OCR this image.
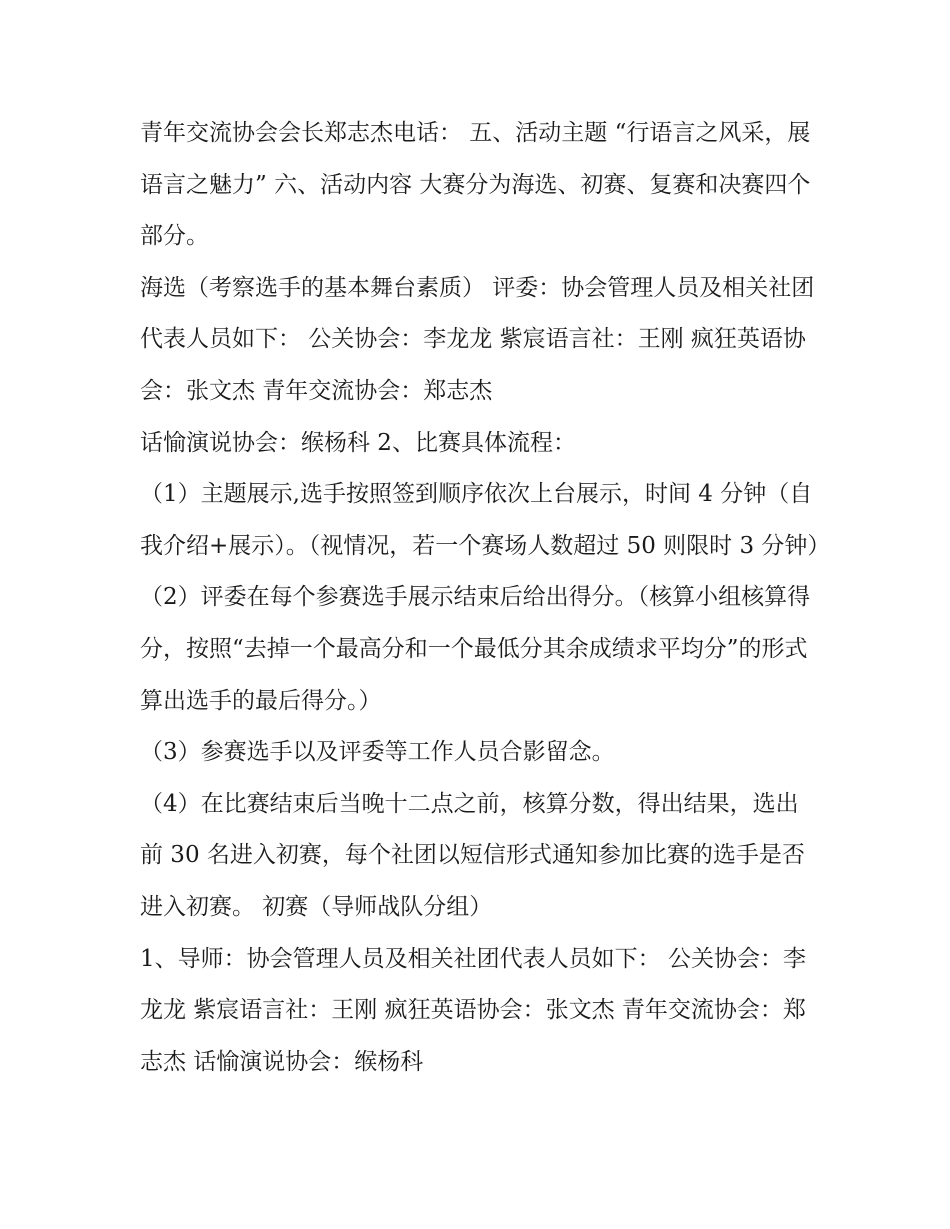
青年交流协会会长郑志杰电话： 五、活动主题 “行语言之风采，展语言之魅力” 六、活动内容 大赛分为海选、初赛、复赛和决赛四个部分。

海选（考察选手的基本舞台素质） 评委：协会管理人员及相关社团代表人员如下： 公关协会：李龙龙 紫宸语言社：王刚 疯狂英语协会：张文杰 青年交流协会：郑志杰

话愉演说协会：缑杨科 2、比赛具体流程：

（1）主题展示,选手按照签到顺序依次上台展示，时间 4 分钟（自我介绍+展示）。（视情况，若一个赛场人数超过 50 则限时 3 分钟）

（2）评委在每个参赛选手展示结束后给出得分。（核算小组核算得分，按照“去掉一个最高分和一个最低分其余成绩求平均分”的形式算出选手的最后得分。）

（3）参赛选手以及评委等工作人员合影留念。

（4）在比赛结束后当晚十二点之前，核算分数，得出结果，选出前 30 名进入初赛，每个社团以短信形式通知参加比赛的选手是否进入初赛。 初赛（导师战队分组）

1、导师：协会管理人员及相关社团代表人员如下： 公关协会：李龙龙 紫宸语言社：王刚 疯狂英语协会：张文杰 青年交流协会：郑志杰 话愉演说协会：缑杨科
